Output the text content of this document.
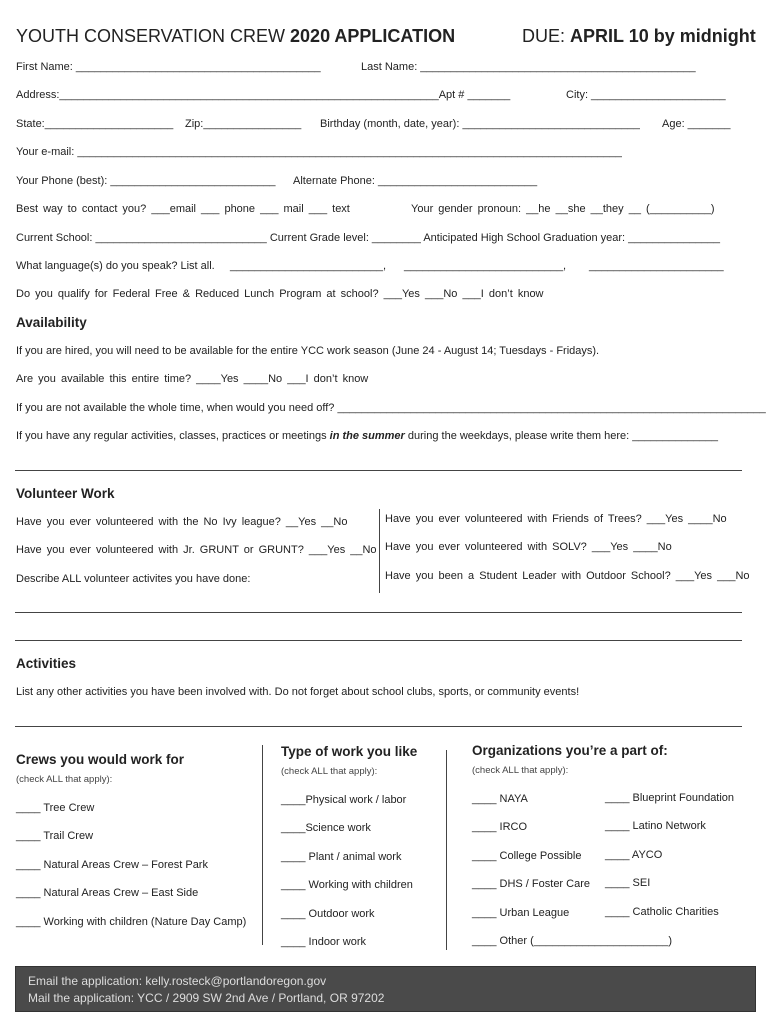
YOUTH CONSERVATION CREW 2020 APPLICATION	DUE: APRIL 10 by midnight
First Name: ________________________________________	Last Name: _____________________________________________
Address:______________________________________________________________Apt # _______	City: ______________________
State:_____________________ Zip:________________ Birthday (month, date, year): _____________________________ Age: _______
Your e-mail: _________________________________________________________________________________________
Your Phone (best): ___________________________ Alternate Phone: __________________________
Best way to contact you? ___email ___ phone ___ mail ___ text	Your gender pronoun: __he __she __they __ (__________)
Current School: ____________________________ Current Grade level: ________ Anticipated High School Graduation year: _______________
What language(s) do you speak? List all. _________________________, __________________________, ______________________
Do you qualify for Federal Free & Reduced Lunch Program at school? ___Yes ___No ___I don’t know
Availability
If you are hired, you will need to be available for the entire YCC work season (June 24 - August 14; Tuesdays - Fridays).
Are you available this entire time? ____Yes ____No ___I don’t know
If you are not available the whole time, when would you need off? ______________________________________________________________________
If you have any regular activities, classes, practices or meetings in the summer during the weekdays, please write them here: ______________
Volunteer Work
Have you ever volunteered with the No Ivy league? __Yes __No
Have you ever volunteered with Jr. GRUNT or GRUNT? ___Yes __No
Describe ALL volunteer activites you have done:
Have you ever volunteered with Friends of Trees? ___Yes ____No
Have you ever volunteered with SOLV? ___Yes ____No
Have you been a Student Leader with Outdoor School? ___Yes ___No
Activities
List any other activities you have been involved with. Do not forget about school clubs, sports, or community events!
Crews you would work for
(check ALL that apply):
____ Tree Crew
____ Trail Crew
____ Natural Areas Crew – Forest Park
____ Natural Areas Crew – East Side
____ Working with children (Nature Day Camp)
Type of work you like
(check ALL that apply):
____Physical work / labor
____Science work
____ Plant / animal work
____ Working with children
____ Outdoor work
____ Indoor work
Organizations you’re a part of:
(check ALL that apply):
____ NAYA
____ IRCO
____ College Possible
____ DHS / Foster Care
____ Urban League
____ Other (______________________)
____ Blueprint Foundation
____ Latino Network
____ AYCO
____ SEI
____ Catholic Charities
Email the application: kelly.rosteck@portlandoregon.gov
Mail the application: YCC / 2909 SW 2nd Ave / Portland, OR 97202
